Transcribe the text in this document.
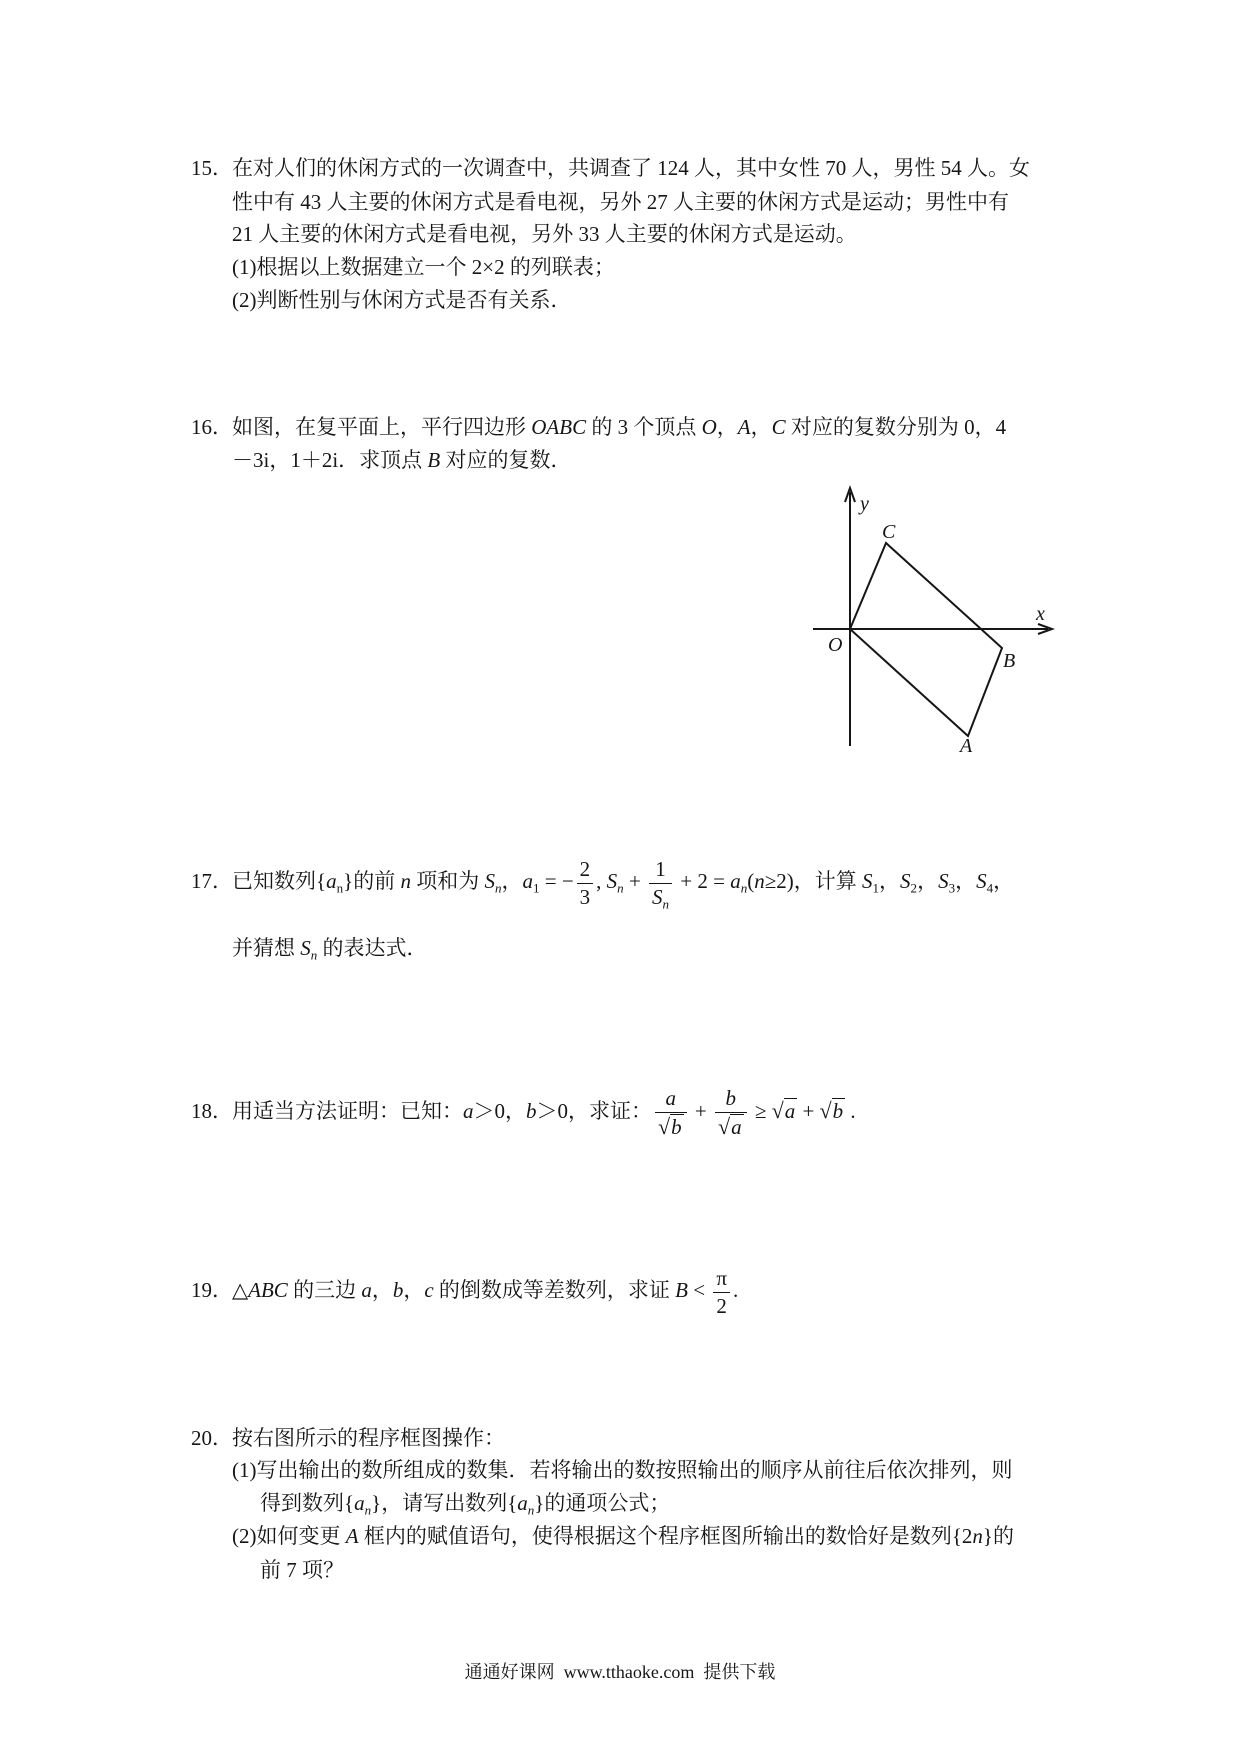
15．在对人们的休闲方式的一次调查中，共调查了 124 人，其中女性 70 人，男性 54 人。女
性中有 43 人主要的休闲方式是看电视，另外 27 人主要的休闲方式是运动；男性中有
21 人主要的休闲方式是看电视，另外 33 人主要的休闲方式是运动。
(1)根据以上数据建立一个 2×2 的列联表；
(2)判断性别与休闲方式是否有关系．
16．如图，在复平面上，平行四边形 OABC 的 3 个顶点 O，A，C 对应的复数分别为 0，4
－3i，1＋2i．求顶点 B 对应的复数．
y
x
O
C
B
A
17．已知数列$\{a_n\}$的前 n 项和为 $S_n$，$a_1$ = − $\frac{2}{3}$ , $S_n + \frac{1}{S_n} + 2 = a_n(n\ge 2)$，计算 $S_1$，$S_2$，$S_3$，$S_4$，
并猜想 $S_n$ 的表达式．
18．用适当方法证明：已知：a＞0，b＞0，求证： $\frac{a}{√b} + \frac{b}{√a} \ge √a + √b$ .
19．△ABC 的三边 a，b，c 的倒数成等差数列，求证 $B < \frac{\pi}{2}$ .
20．按右图所示的程序框图操作：
(1)写出输出的数所组成的数集．若将输出的数按照输出的顺序从前往后依次排列，则
得到数列$\{a_n\}$，请写出数列$\{a_n\}$的通项公式；
(2)如何变更 A 框内的赋值语句，使得根据这个程序框图所输出的数恰好是数列{2n}的
前 7 项？
通通好课网  www.tthaoke.com  提供下载
